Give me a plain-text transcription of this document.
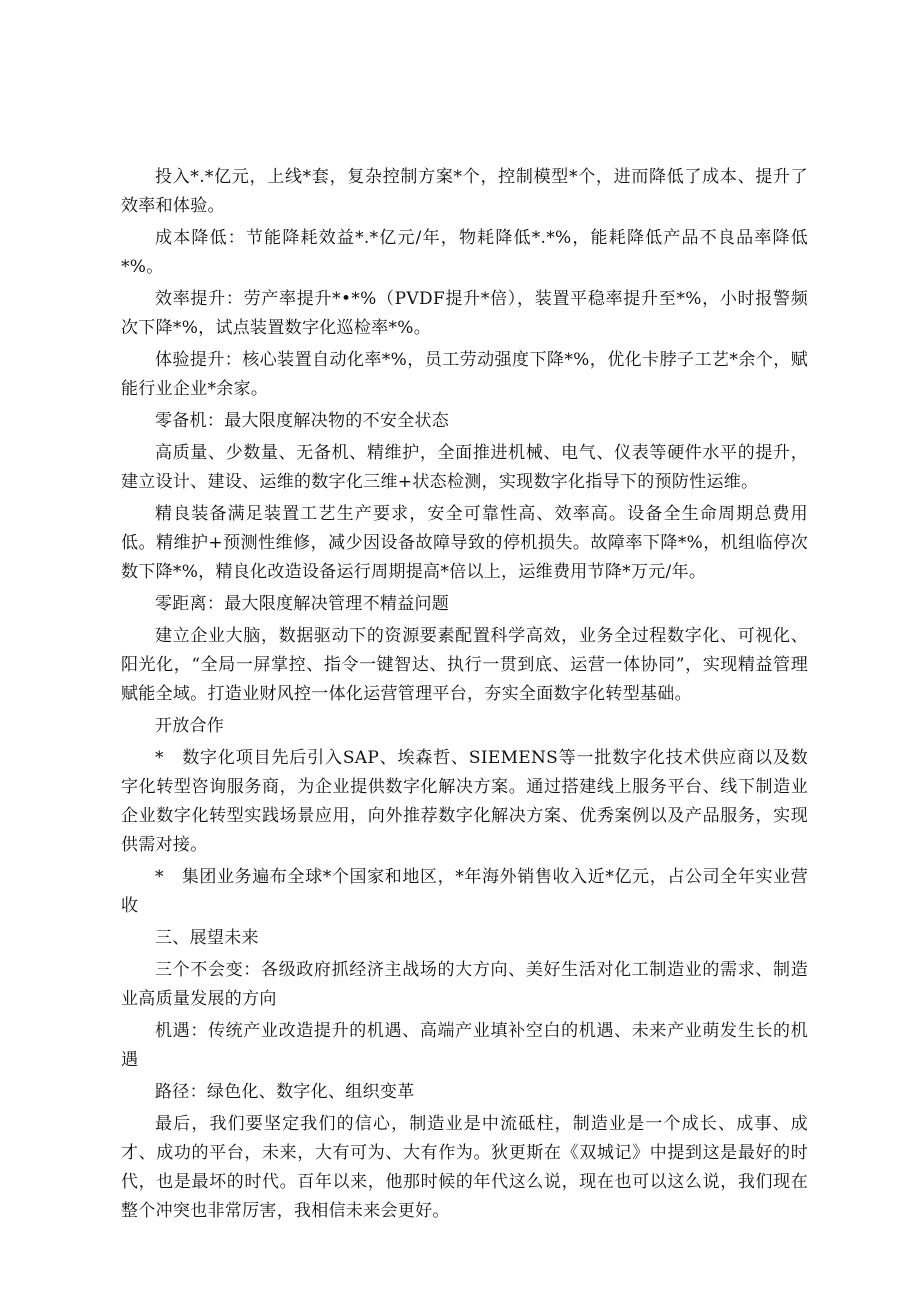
投入*.*亿元，上线*套，复杂控制方案*个，控制模型*个，进而降低了成本、提升了效率和体验。

成本降低：节能降耗效益*.*亿元/年，物耗降低*.*%，能耗降低产品不良品率降低*%。

效率提升：劳产率提升*•*%（PVDF提升*倍），装置平稳率提升至*%，小时报警频次下降*%，试点装置数字化巡检率*%。

体验提升：核心装置自动化率*%，员工劳动强度下降*%，优化卡脖子工艺*余个，赋能行业企业*余家。

零备机：最大限度解决物的不安全状态

高质量、少数量、无备机、精维护，全面推进机械、电气、仪表等硬件水平的提升，建立设计、建设、运维的数字化三维+状态检测，实现数字化指导下的预防性运维。

精良装备满足装置工艺生产要求，安全可靠性高、效率高。设备全生命周期总费用低。精维护+预测性维修，减少因设备故障导致的停机损失。故障率下降*%，机组临停次数下降*%，精良化改造设备运行周期提高*倍以上，运维费用节降*万元/年。

零距离：最大限度解决管理不精益问题

建立企业大脑，数据驱动下的资源要素配置科学高效，业务全过程数字化、可视化、阳光化，“全局一屏掌控、指令一键智达、执行一贯到底、运营一体协同”，实现精益管理赋能全域。打造业财风控一体化运营管理平台，夯实全面数字化转型基础。

开放合作

*　数字化项目先后引入SAP、埃森哲、SIEMENS等一批数字化技术供应商以及数字化转型咨询服务商，为企业提供数字化解决方案。通过搭建线上服务平台、线下制造业企业数字化转型实践场景应用，向外推荐数字化解决方案、优秀案例以及产品服务，实现供需对接。

*　集团业务遍布全球*个国家和地区，*年海外销售收入近*亿元，占公司全年实业营收

三、展望未来

三个不会变：各级政府抓经济主战场的大方向、美好生活对化工制造业的需求、制造业高质量发展的方向

机遇：传统产业改造提升的机遇、高端产业填补空白的机遇、未来产业萌发生长的机遇

路径：绿色化、数字化、组织变革

最后，我们要坚定我们的信心，制造业是中流砥柱，制造业是一个成长、成事、成才、成功的平台，未来，大有可为、大有作为。狄更斯在《双城记》中提到这是最好的时代，也是最坏的时代。百年以来，他那时候的年代这么说，现在也可以这么说，我们现在整个冲突也非常厉害，我相信未来会更好。
